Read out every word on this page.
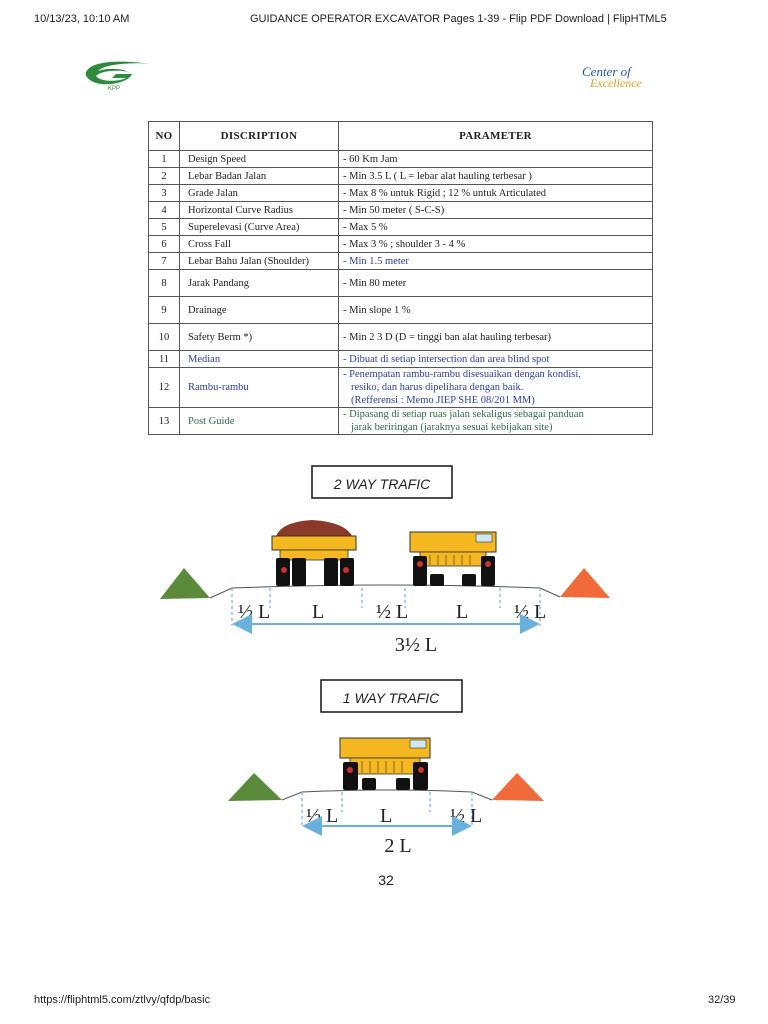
10/13/23, 10:10 AM	GUIDANCE OPERATOR EXCAVATOR Pages 1-39 - Flip PDF Download | FlipHTML5
KPP
Center of
Excellence
NO	DISCRIPTION	PARAMETER
1	Design Speed	- 60 Km Jam
2	Lebar Badan Jalan	- Min 3.5 L ( L = lebar alat hauling terbesar )
3	Grade Jalan	- Max 8 % untuk Rigid ; 12 % untuk Articulated
4	Horizontal Curve Radius	- Min 50 meter ( S-C-S)
5	Superelevasi (Curve Area)	- Max 5 %
6	Cross Fall	- Max 3 % ; shoulder 3 - 4 %
7	Lebar Bahu Jalan (Shoulder)	- Min 1.5 meter
8	Jarak Pandang	- Min 80 meter
9	Drainage	- Min slope 1 %
10	Safety Berm *)	- Min 2 3 D (D = tinggi ban alat hauling terbesar)
11	Median	- Dibuat di setiap intersection dan area blind spot
12	Rambu-rambu	- Penempatan rambu-rambu disesuaikan dengan kondisi,
resiko, dan harus dipelihara dengan baik.
(Refferensi : Memo JIEP SHE 08/201 MM)

13	Post Guide	- Dipasang di setiap ruas jalan sekaligus sebagai panduan
jarak beriringan (jaraknya sesuai kebijakan site)
2 WAY TRAFIC
½ L L	½ L L ½ L
3½ L
1 WAY TRAFIC
½ L L	½ L
2 L
32
https://fliphtml5.com/ztlvy/qfdp/basic	32/39
